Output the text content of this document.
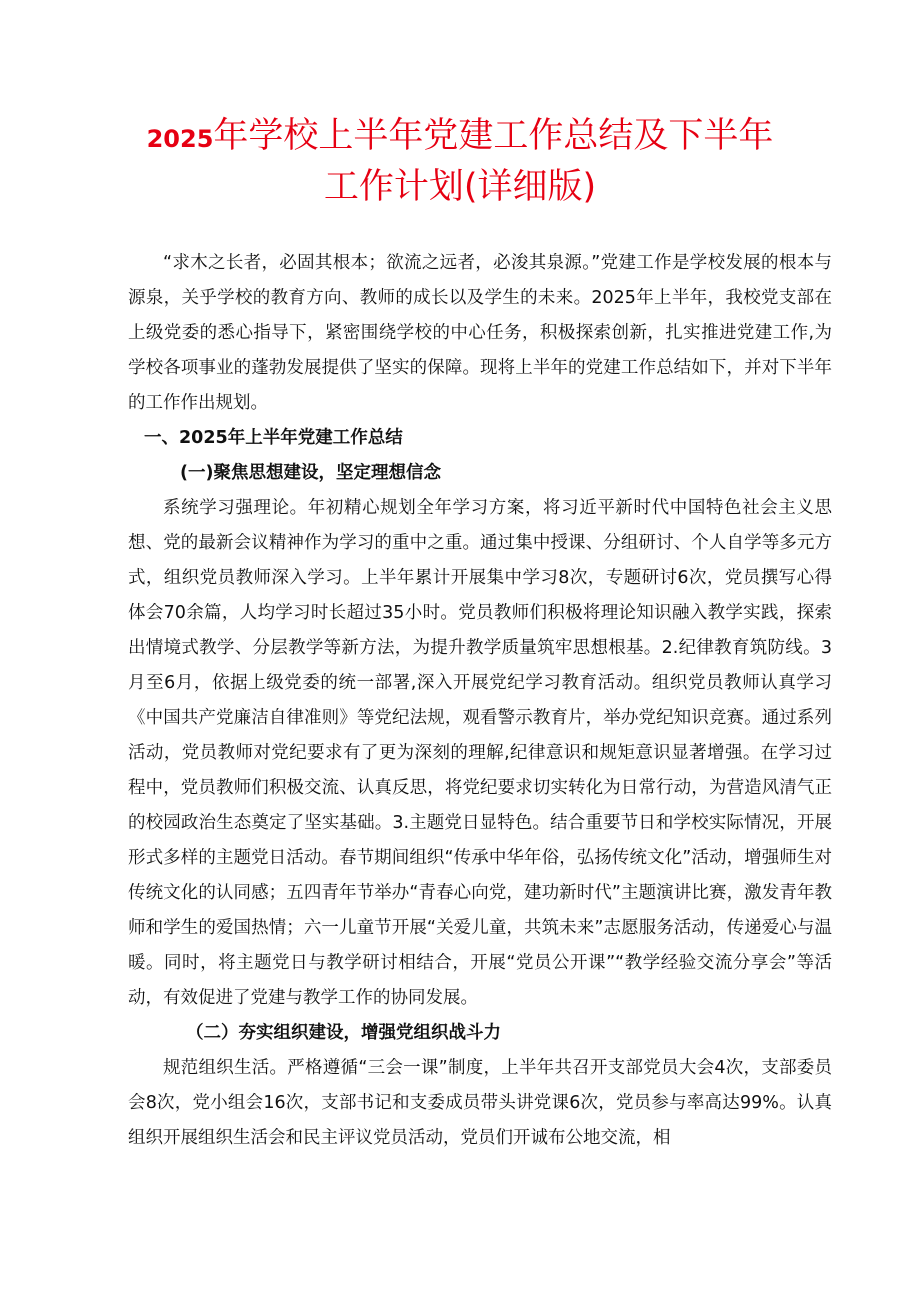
2025年学校上半年党建工作总结及下半年
工作计划(详细版)

“求木之长者，必固其根本；欲流之远者，必浚其泉源。”党建工作是学校发展的根本与源泉，关乎学校的教育方向、教师的成长以及学生的未来。2025年上半年，我校党支部在上级党委的悉心指导下，紧密围绕学校的中心任务，积极探索创新，扎实推进党建工作,为学校各项事业的蓬勃发展提供了坚实的保障。现将上半年的党建工作总结如下，并对下半年的工作作出规划。

一、2025年上半年党建工作总结

(一)聚焦思想建设，坚定理想信念

系统学习强理论。年初精心规划全年学习方案，将习近平新时代中国特色社会主义思想、党的最新会议精神作为学习的重中之重。通过集中授课、分组研讨、个人自学等多元方式，组织党员教师深入学习。上半年累计开展集中学习8次，专题研讨6次，党员撰写心得体会70余篇，人均学习时长超过35小时。党员教师们积极将理论知识融入教学实践，探索出情境式教学、分层教学等新方法，为提升教学质量筑牢思想根基。2.纪律教育筑防线。3月至6月，依据上级党委的统一部署,深入开展党纪学习教育活动。组织党员教师认真学习《中国共产党廉洁自律准则》等党纪法规，观看警示教育片，举办党纪知识竞赛。通过系列活动，党员教师对党纪要求有了更为深刻的理解,纪律意识和规矩意识显著增强。在学习过程中，党员教师们积极交流、认真反思，将党纪要求切实转化为日常行动，为营造风清气正的校园政治生态奠定了坚实基础。3.主题党日显特色。结合重要节日和学校实际情况，开展形式多样的主题党日活动。春节期间组织“传承中华年俗，弘扬传统文化”活动，增强师生对传统文化的认同感；五四青年节举办“青春心向党，建功新时代”主题演讲比赛，激发青年教师和学生的爱国热情；六一儿童节开展“关爱儿童，共筑未来”志愿服务活动，传递爱心与温暖。同时，将主题党日与教学研讨相结合，开展“党员公开课”“教学经验交流分享会”等活动，有效促进了党建与教学工作的协同发展。

（二）夯实组织建设，增强党组织战斗力

规范组织生活。严格遵循“三会一课”制度，上半年共召开支部党员大会4次，支部委员会8次，党小组会16次，支部书记和支委成员带头讲党课6次，党员参与率高达99%。认真组织开展组织生活会和民主评议党员活动，党员们开诚布公地交流，相
